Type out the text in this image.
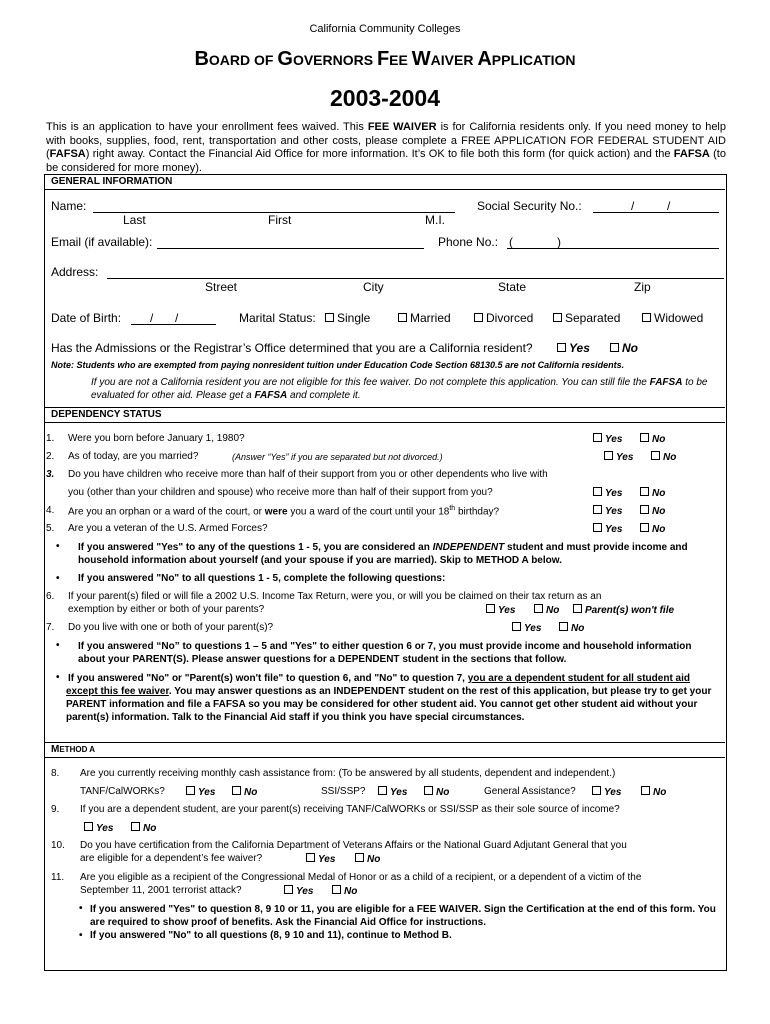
California Community Colleges
BOARD OF GOVERNORS FEE WAIVER APPLICATION
2003-2004
This is an application to have your enrollment fees waived. This FEE WAIVER is for California residents only. If you need money to help with books, supplies, food, rent, transportation and other costs, please complete a FREE APPLICATION FOR FEDERAL STUDENT AID (FAFSA) right away. Contact the Financial Aid Office for more information. It’s OK to file both this form (for quick action) and the FAFSA (to be considered for more money).
GENERAL INFORMATION
Name:
Last	First	M.I.
Social Security No.:	/	/
Email (if available):	Phone No.: (	)
Address:
Street	City	State	Zip
Date of Birth: / /	Marital Status:	Single	Married	Divorced	Separated	Widowed
Has the Admissions or the Registrar’s Office determined that you are a California resident?	Yes	No
Note: Students who are exempted from paying nonresident tuition under Education Code Section 68130.5 are not California residents.
If you are not a California resident you are not eligible for this fee waiver. Do not complete this application. You can still file the FAFSA to be evaluated for other aid. Please get a FAFSA and complete it.
DEPENDENCY STATUS
1. Were you born before January 1, 1980?	Yes	No
2. As of today, are you married?	(Answer “Yes” if you are separated but not divorced.)	Yes	No
3. Do you have children who receive more than half of their support from you or other dependents who live with
you (other than your children and spouse) who receive more than half of their support from you?	Yes	No
4. Are you an orphan or a ward of the court, or were you a ward of the court until your 18th birthday?	Yes	No
5. Are you a veteran of the U.S. Armed Forces?	Yes	No
• If you answered "Yes" to any of the questions 1 - 5, you are considered an INDEPENDENT student and must provide income and household information about yourself (and your spouse if you are married). Skip to METHOD A below.
• If you answered "No" to all questions 1 - 5, complete the following questions:
6. If your parent(s) filed or will file a 2002 U.S. Income Tax Return, were you, or will you be claimed on their tax return as an
exemption by either or both of your parents?	Yes	No	Parent(s) won't file
7. Do you live with one or both of your parent(s)?	Yes	No
• If you answered “No” to questions 1 – 5 and "Yes" to either question 6 or 7, you must provide income and household information about your PARENT(S). Please answer questions for a DEPENDENT student in the sections that follow.
• If you answered "No" or "Parent(s) won't file" to question 6, and "No" to question 7, you are a dependent student for all student aid except this fee waiver. You may answer questions as an INDEPENDENT student on the rest of this application, but please try to get your PARENT information and file a FAFSA so you may be considered for other student aid. You cannot get other student aid without your parent(s) information. Talk to the Financial Aid staff if you think you have special circumstances.
METHOD A
8. Are you currently receiving monthly cash assistance from: (To be answered by all students, dependent and independent.)
TANF/CalWORKs?	Yes	No	SSI/SSP?	Yes	No	General Assistance?	Yes	No
9. If you are a dependent student, are your parent(s) receiving TANF/CalWORKs or SSI/SSP as their sole source of income?
Yes	No
10. Do you have certification from the California Department of Veterans Affairs or the National Guard Adjutant General that you
are eligible for a dependent’s fee waiver?	Yes	No
11. Are you eligible as a recipient of the Congressional Medal of Honor or as a child of a recipient, or a dependent of a victim of the
September 11, 2001 terrorist attack?	Yes	No
• If you answered "Yes" to question 8, 9 10 or 11, you are eligible for a FEE WAIVER. Sign the Certification at the end of this form. You are required to show proof of benefits. Ask the Financial Aid Office for instructions.
• If you answered "No" to all questions (8, 9 10 and 11), continue to Method B.
